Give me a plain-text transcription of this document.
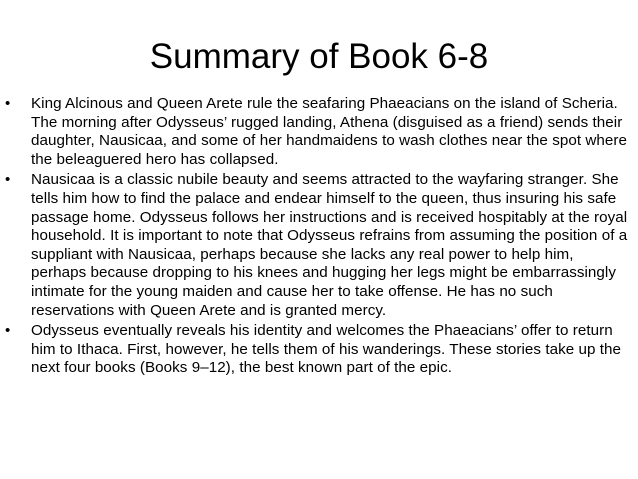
Summary of Book 6-8
• King Alcinous and Queen Arete rule the seafaring Phaeacians on the island of Scheria. The morning after Odysseus’ rugged landing, Athena (disguised as a friend) sends their daughter, Nausicaa, and some of her handmaidens to wash clothes near the spot where the beleaguered hero has collapsed.
• Nausicaa is a classic nubile beauty and seems attracted to the wayfaring stranger. She tells him how to find the palace and endear himself to the queen, thus insuring his safe passage home. Odysseus follows her instructions and is received hospitably at the royal household. It is important to note that Odysseus refrains from assuming the position of a suppliant with Nausicaa, perhaps because she lacks any real power to help him, perhaps because dropping to his knees and hugging her legs might be embarrassingly intimate for the young maiden and cause her to take offense. He has no such reservations with Queen Arete and is granted mercy.
• Odysseus eventually reveals his identity and welcomes the Phaeacians’ offer to return him to Ithaca. First, however, he tells them of his wanderings. These stories take up the next four books (Books 9–12), the best known part of the epic.
